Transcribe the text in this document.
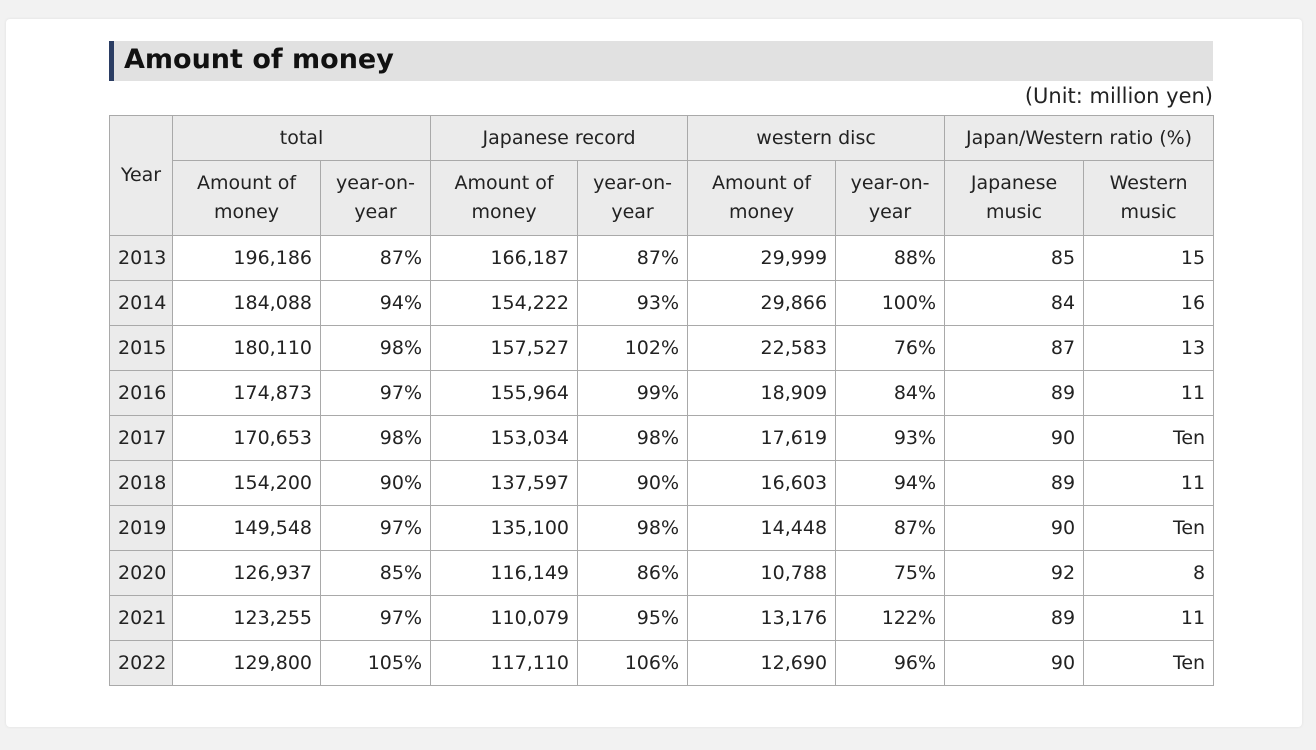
Amount of money
(Unit: million yen)
Year	total		Japanese record		western disc		Japan/Western ratio (%)	
	Amount of money	year-on-year	Amount of money	year-on-year	Amount of money	year-on-year	Japanese music	Western music
2013	196,186	87%	166,187	87%	29,999	88%	85	15
2014	184,088	94%	154,222	93%	29,866	100%	84	16
2015	180,110	98%	157,527	102%	22,583	76%	87	13
2016	174,873	97%	155,964	99%	18,909	84%	89	11
2017	170,653	98%	153,034	98%	17,619	93%	90	Ten
2018	154,200	90%	137,597	90%	16,603	94%	89	11
2019	149,548	97%	135,100	98%	14,448	87%	90	Ten
2020	126,937	85%	116,149	86%	10,788	75%	92	8
2021	123,255	97%	110,079	95%	13,176	122%	89	11
2022	129,800	105%	117,110	106%	12,690	96%	90	Ten
